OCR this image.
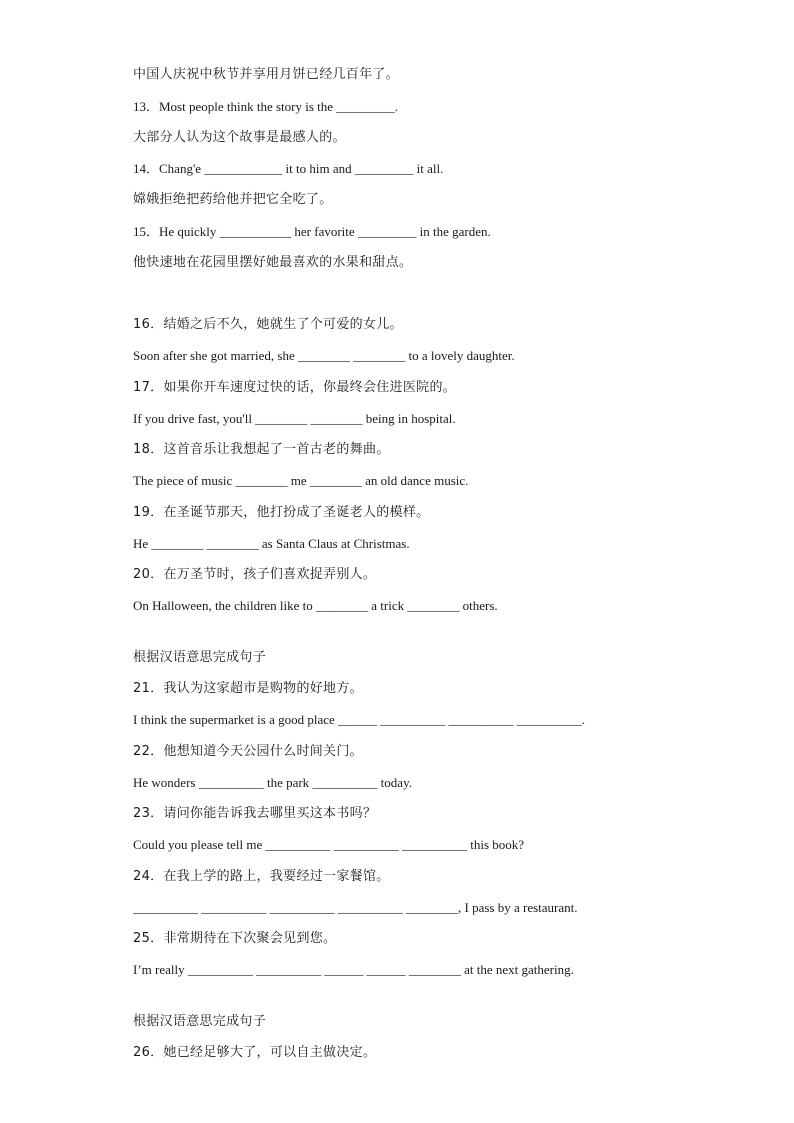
中国人庆祝中秋节并享用月饼已经几百年了。
13．Most people think the story is the _________.
大部分人认为这个故事是最感人的。
14．Chang'e ____________ it to him and _________ it all.
嫦娥拒绝把药给他并把它全吃了。
15．He quickly ___________ her favorite _________ in the garden.
他快速地在花园里摆好她最喜欢的水果和甜点。
16．结婚之后不久，她就生了个可爱的女儿。
Soon after she got married, she ________ ________ to a lovely daughter.
17．如果你开车速度过快的话，你最终会住进医院的。
If you drive fast, you'll ________ ________ being in hospital.
18．这首音乐让我想起了一首古老的舞曲。
The piece of music ________ me ________ an old dance music.
19．在圣诞节那天，他打扮成了圣诞老人的模样。
He ________ ________ as Santa Claus at Christmas.
20．在万圣节时，孩子们喜欢捉弄别人。
On Halloween, the children like to ________ a trick ________ others.
根据汉语意思完成句子
21．我认为这家超市是购物的好地方。
I think the supermarket is a good place ______ __________ __________ __________.
22．他想知道今天公园什么时间关门。
He wonders __________ the park __________ today.
23．请问你能告诉我去哪里买这本书吗？
Could you please tell me __________ __________ __________ this book?
24．在我上学的路上，我要经过一家餐馆。
__________ __________ __________ __________ ________, I pass by a restaurant.
25．非常期待在下次聚会见到您。
I’m really __________ __________ ______ ______ ________ at the next gathering.
根据汉语意思完成句子
26．她已经足够大了，可以自主做决定。
